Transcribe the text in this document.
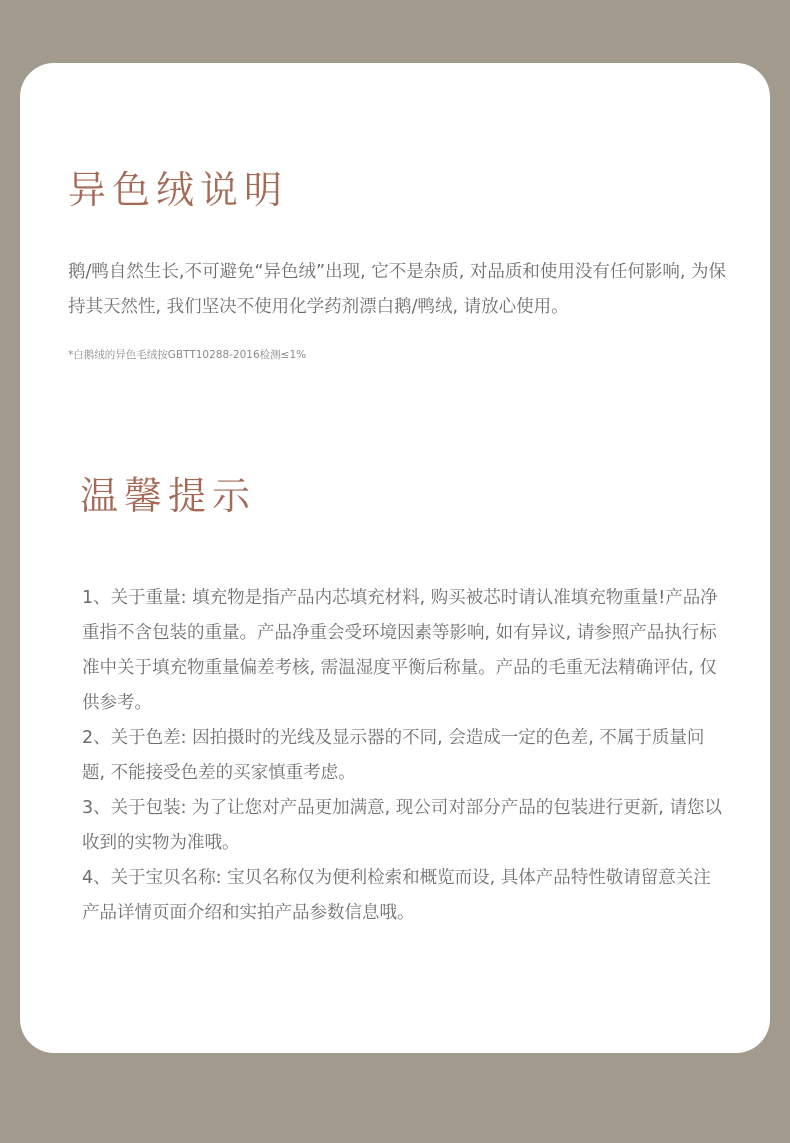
异色绒说明

鹅/鸭自然生长,不可避免“异色绒”出现, 它不是杂质, 对品质和使用没有任何影响, 为保持其天然性, 我们坚决不使用化学药剂漂白鹅/鸭绒, 请放心使用。

*白鹅绒的异色毛绒按GBTT10288-2016检测≤1%

温馨提示
1、关于重量: 填充物是指产品内芯填充材料, 购买被芯时请认准填充物重量!产品净重指不含包装的重量。产品净重会受环境因素等影响, 如有异议, 请参照产品执行标准中关于填充物重量偏差考核, 需温湿度平衡后称量。产品的毛重无法精确评估, 仅供参考。
2、关于色差: 因拍摄时的光线及显示器的不同, 会造成一定的色差, 不属于质量问题, 不能接受色差的买家慎重考虑。
3、关于包装: 为了让您对产品更加满意, 现公司对部分产品的包装进行更新, 请您以收到的实物为准哦。
4、关于宝贝名称: 宝贝名称仅为便利检索和概览而设, 具体产品特性敬请留意关注产品详情页面介绍和实拍产品参数信息哦。
